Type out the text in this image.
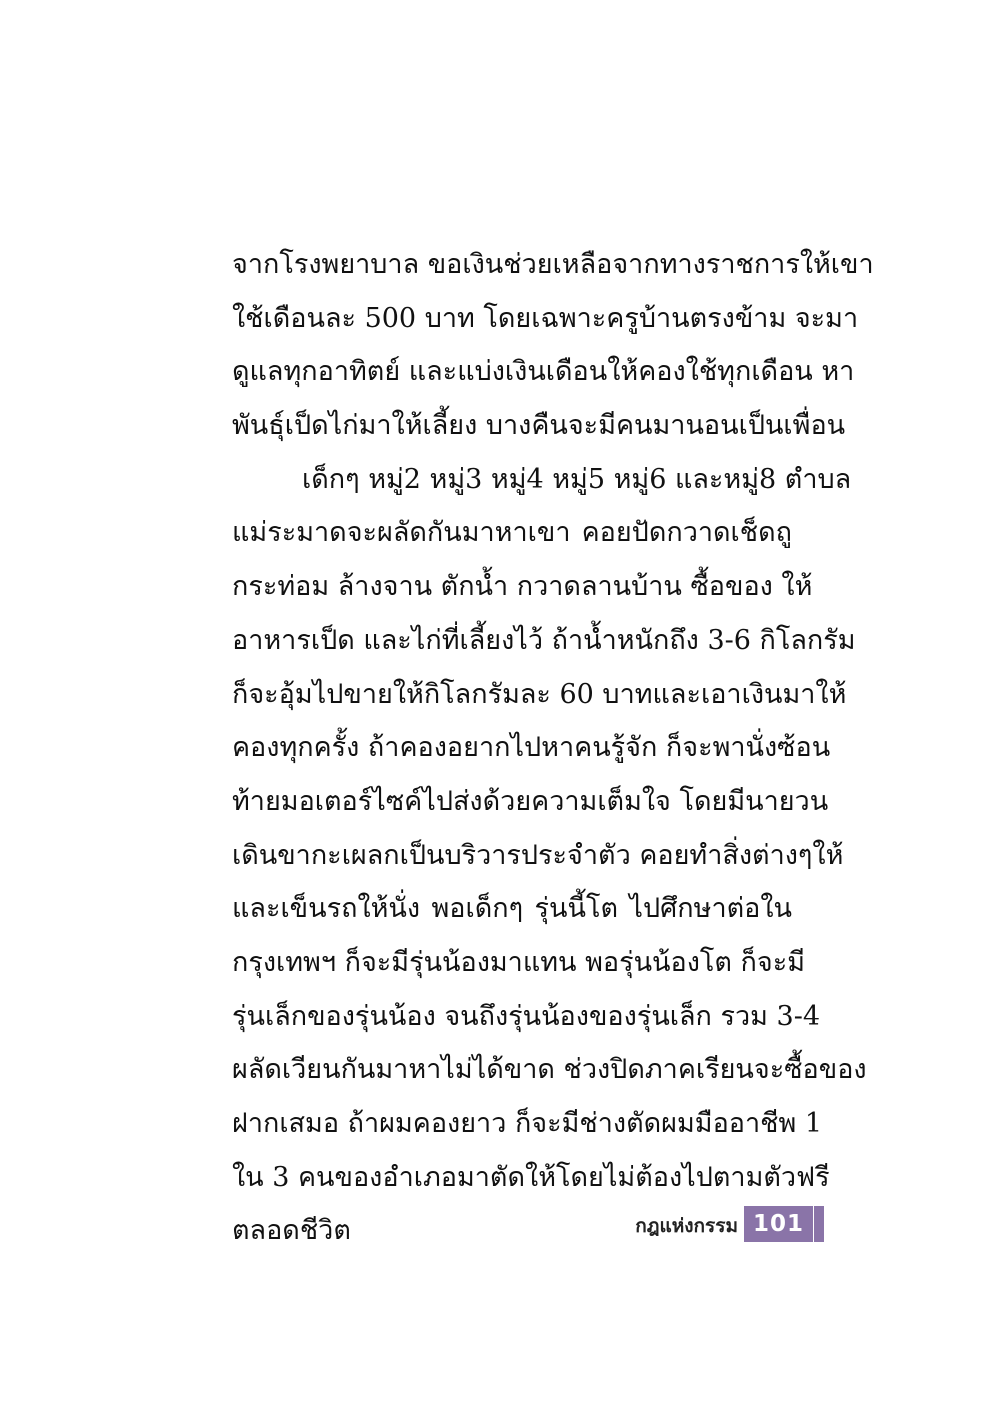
จากโรงพยาบาล ขอเงินช่วยเหลือจากทางราชการให้เขา
ใช้เดือนละ 500 บาท โดยเฉพาะครูบ้านตรงข้าม จะมา
ดูแลทุกอาทิตย์ และแบ่งเงินเดือนให้คองใช้ทุกเดือน หา
พันธุ์เป็ดไก่มาให้เลี้ยง บางคืนจะมีคนมานอนเป็นเพื่อน
เด็กๆ หมู่2 หมู่3 หมู่4 หมู่5 หมู่6 และหมู่8 ตำบล
แม่ระมาดจะผลัดกันมาหาเขา คอยปัดกวาดเช็ดถู
กระท่อม ล้างจาน ตักน้ำ กวาดลานบ้าน ซื้อของ ให้
อาหารเป็ด และไก่ที่เลี้ยงไว้ ถ้าน้ำหนักถึง 3-6 กิโลกรัม
ก็จะอุ้มไปขายให้กิโลกรัมละ 60 บาทและเอาเงินมาให้
คองทุกครั้ง ถ้าคองอยากไปหาคนรู้จัก ก็จะพานั่งซ้อน
ท้ายมอเตอร์ไซค์ไปส่งด้วยความเต็มใจ โดยมีนายวน
เดินขากะเผลกเป็นบริวารประจำตัว คอยทำสิ่งต่างๆให้
และเข็นรถให้นั่ง พอเด็กๆ รุ่นนี้โต ไปศึกษาต่อใน
กรุงเทพฯ ก็จะมีรุ่นน้องมาแทน พอรุ่นน้องโต ก็จะมี
รุ่นเล็กของรุ่นน้อง จนถึงรุ่นน้องของรุ่นเล็ก รวม 3-4
ผลัดเวียนกันมาหาไม่ได้ขาด ช่วงปิดภาคเรียนจะซื้อของ
ฝากเสมอ ถ้าผมคองยาว ก็จะมีช่างตัดผมมืออาชีพ 1
ใน 3 คนของอำเภอมาตัดให้โดยไม่ต้องไปตามตัวฟรี
ตลอดชีวิต	กฎแห่งกรรม 101
